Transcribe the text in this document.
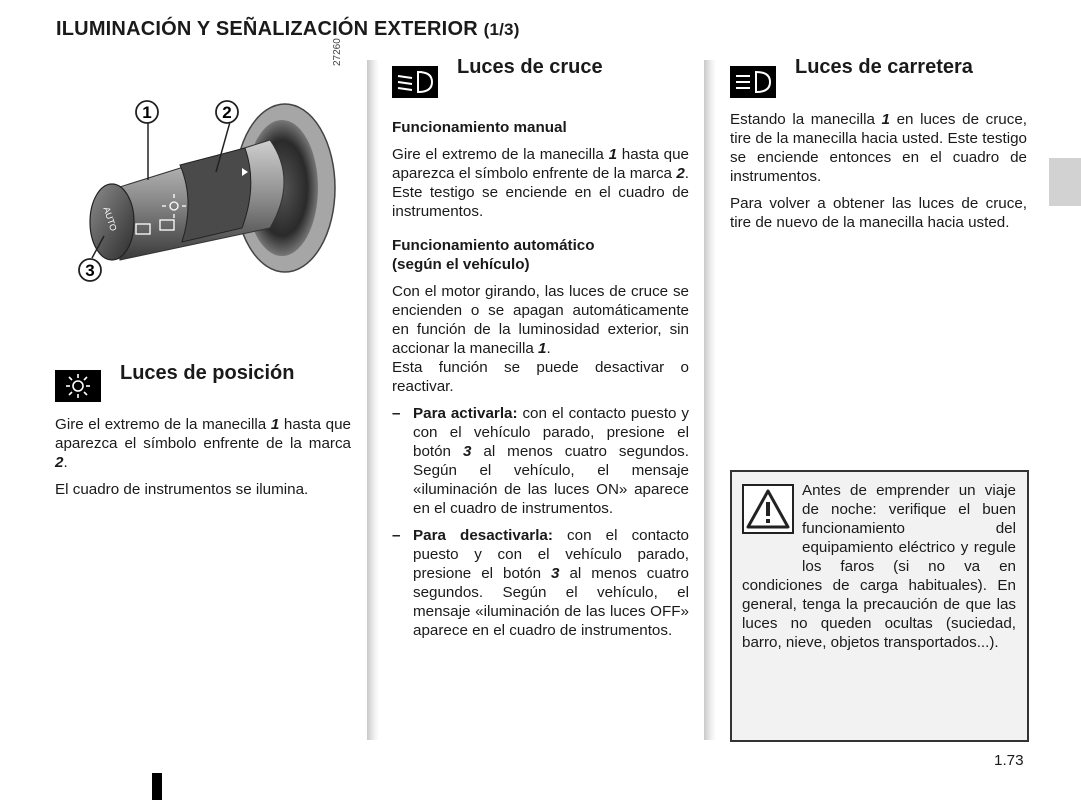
ILUMINACIÓN Y SEÑALIZACIÓN EXTERIOR (1/3)
AUTO
1	2
3
27260
Luces de posición

Gire el extremo de la manecilla 1 hasta que aparezca el símbolo enfrente de la marca 2.

El cuadro de instrumentos se ilumina.

Luces de cruce
Funcionamiento manual

Gire el extremo de la manecilla 1 hasta que aparezca el símbolo enfrente de la marca 2. Este testigo se enciende en el cuadro de instrumentos.

Funcionamiento automático
(según el vehículo)

Con el motor girando, las luces de cruce se encienden o se apagan automáticamente en función de la luminosidad exterior, sin accionar la manecilla 1.

Esta función se puede desactivar o reactivar.

– Para activarla: con el contacto puesto y con el vehículo parado, presione el botón 3 al menos cuatro segundos. Según el vehículo, el mensaje «iluminación de las luces ON» aparece en el cuadro de instrumentos.
– Para desactivarla: con el contacto puesto y con el vehículo parado, presione el botón 3 al menos cuatro segundos. Según el vehículo, el mensaje «iluminación de las luces OFF» aparece en el cuadro de instrumentos.
Luces de carretera

Estando la manecilla 1 en luces de cruce, tire de la manecilla hacia usted. Este testigo se enciende entonces en el cuadro de instrumentos.

Para volver a obtener las luces de cruce, tire de nuevo de la manecilla hacia usted.

Antes de emprender un viaje de noche: verifique el buen funcionamiento del equipamiento eléctrico y regule los faros (si no va en condiciones de carga habituales). En general, tenga la precaución de que las luces no queden ocultas (suciedad, barro, nieve, objetos transportados...).
1.73
